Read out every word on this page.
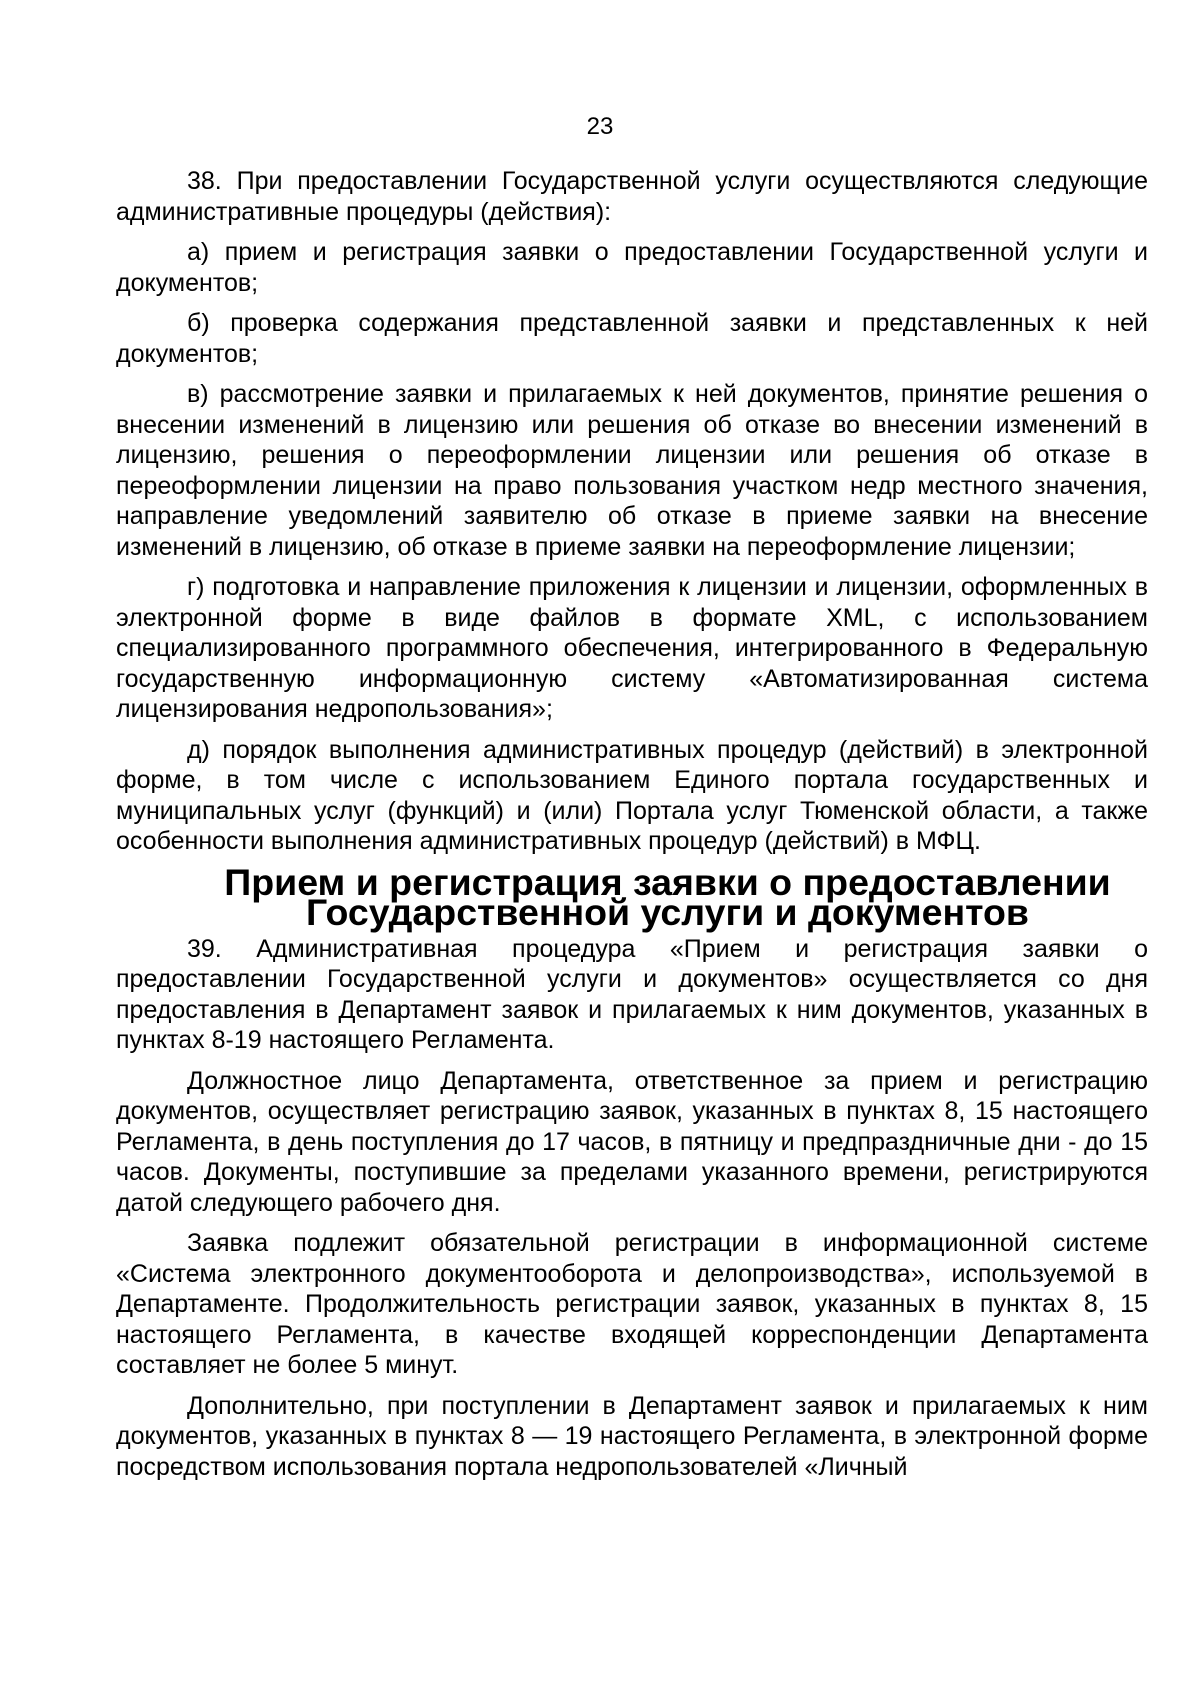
23

38. При предоставлении Государственной услуги осуществляются следующие административные процедуры (действия):

а) прием и регистрация заявки о предоставлении Государственной услуги и документов;

б) проверка содержания представленной заявки и представленных к ней документов;

в) рассмотрение заявки и прилагаемых к ней документов, принятие решения о внесении изменений в лицензию или решения об отказе во внесении изменений в лицензию, решения о переоформлении лицензии или решения об отказе в переоформлении лицензии на право пользования участком недр местного значения, направление уведомлений заявителю об отказе в приеме заявки на внесение изменений в лицензию, об отказе в приеме заявки на переоформление лицензии;

г) подготовка и направление приложения к лицензии и лицензии, оформленных в электронной форме в виде файлов в формате XML, с использованием специализированного программного обеспечения, интегрированного в Федеральную государственную информационную систему «Автоматизированная система лицензирования недропользования»;

д) порядок выполнения административных процедур (действий) в электронной форме, в том числе с использованием Единого портала государственных и муниципальных услуг (функций) и (или) Портала услуг Тюменской области, а также особенности выполнения административных процедур (действий) в МФЦ.

Прием и регистрация заявки о предоставлении Государственной услуги и документов

39. Административная процедура «Прием и регистрация заявки о предоставлении Государственной услуги и документов» осуществляется со дня предоставления в Департамент заявок и прилагаемых к ним документов, указанных в пунктах 8-19 настоящего Регламента.

Должностное лицо Департамента, ответственное за прием и регистрацию документов, осуществляет регистрацию заявок, указанных в пунктах 8, 15 настоящего Регламента, в день поступления до 17 часов, в пятницу и предпраздничные дни - до 15 часов. Документы, поступившие за пределами указанного времени, регистрируются датой следующего рабочего дня.

Заявка подлежит обязательной регистрации в информационной системе «Система электронного документооборота и делопроизводства», используемой в Департаменте. Продолжительность регистрации заявок, указанных в пунктах 8, 15 настоящего Регламента, в качестве входящей корреспонденции Департамента составляет не более 5 минут.

Дополнительно, при поступлении в Департамент заявок и прилагаемых к ним документов, указанных в пунктах 8 — 19 настоящего Регламента, в электронной форме посредством использования портала недропользователей «Личный
